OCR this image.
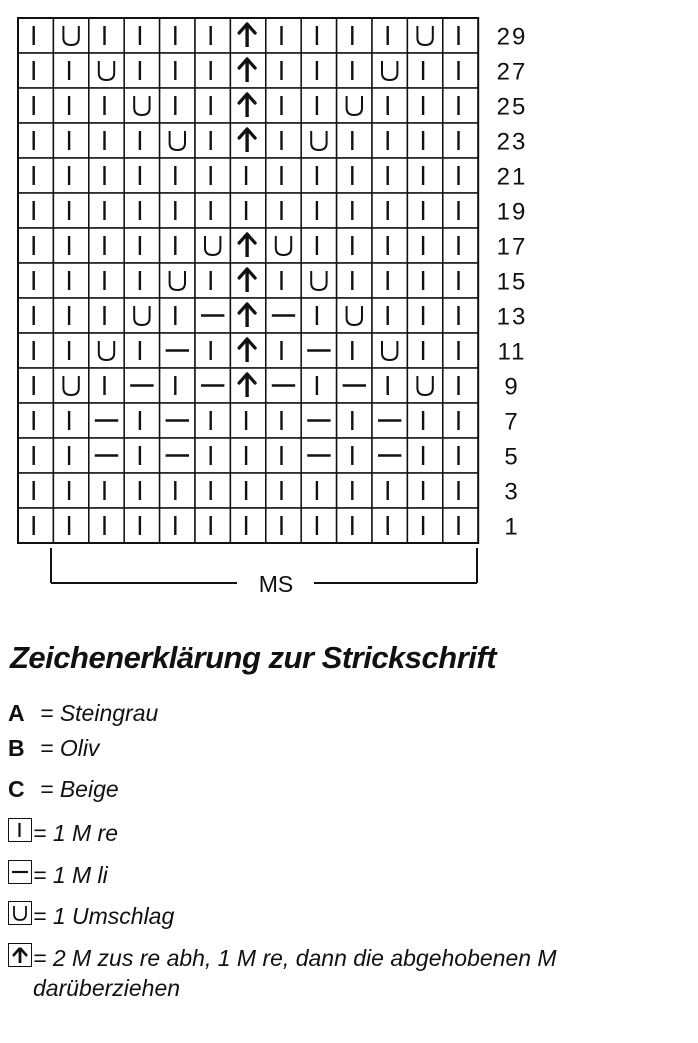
29
27
25
23
21
19
17
15
13
11
9
7
5
3
1
MS
Zeichenerklärung zur Strickschrift
A = Steingrau
B = Oliv
C = Beige
= 1 M re
= 1 M li
= 1 Umschlag
= 2 M zus re abh, 1 M re, dann die abgehobenen M darüberziehen
